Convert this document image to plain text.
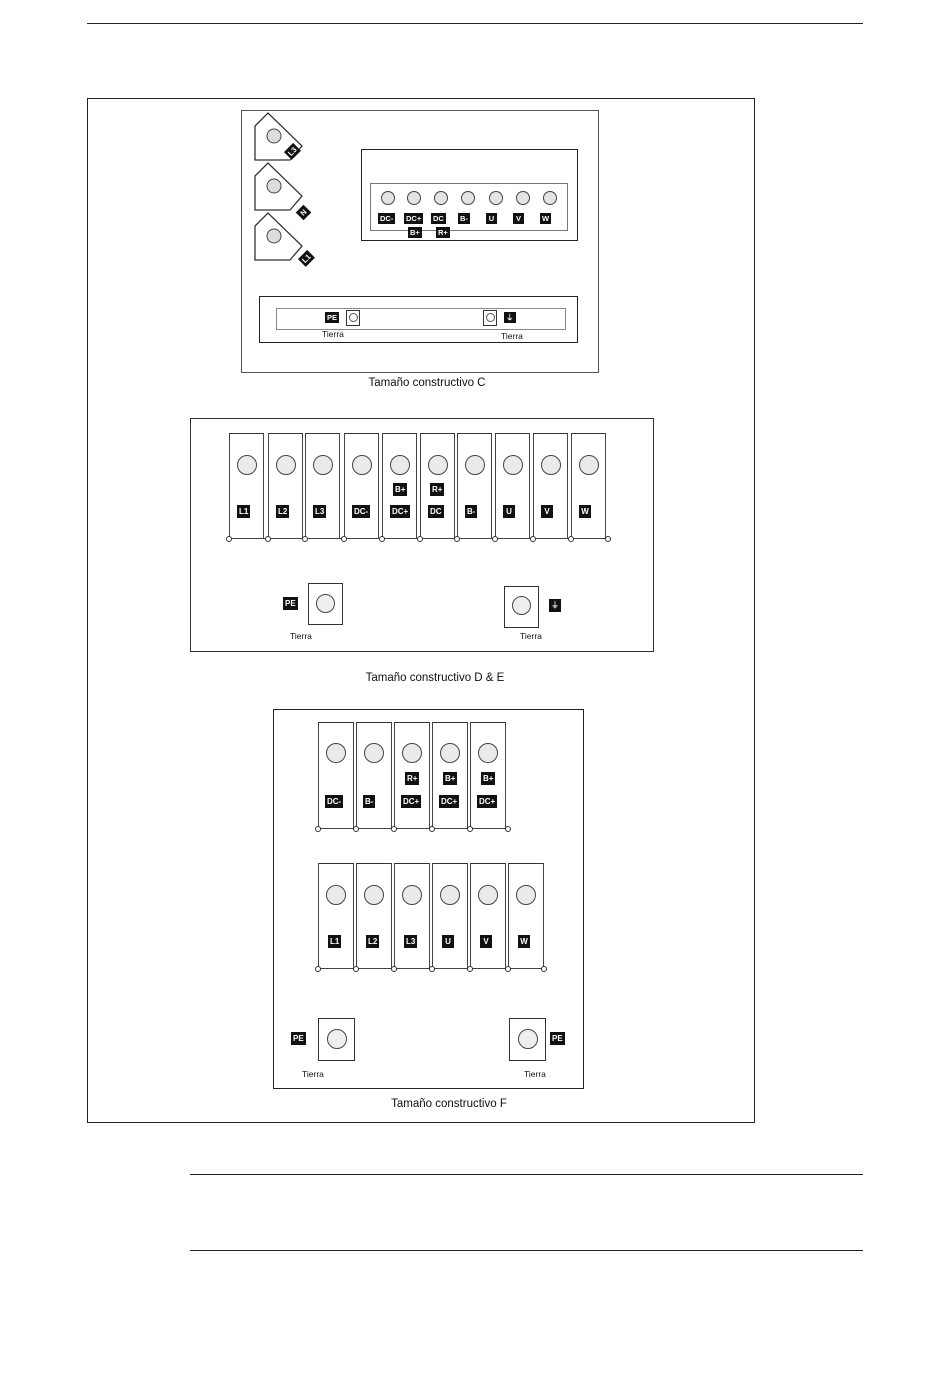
L3
N
L1
DC- DC+ DC B-	U	V	W
B+ R+
PE
Tierra
⏚
Tierra
Tamaño constructivo C
L1	L2	L3	DC-	DC+	DC	B-	U	V	W
B+	R+
PE
Tierra
⏚
Tierra
Tamaño constructivo D & E
DC-	B-	DC+	DC+	DC+
L1	L2	L3	U	V	W
R+	B+	B+
PE
Tierra
PE
Tierra
Tamaño constructivo F
